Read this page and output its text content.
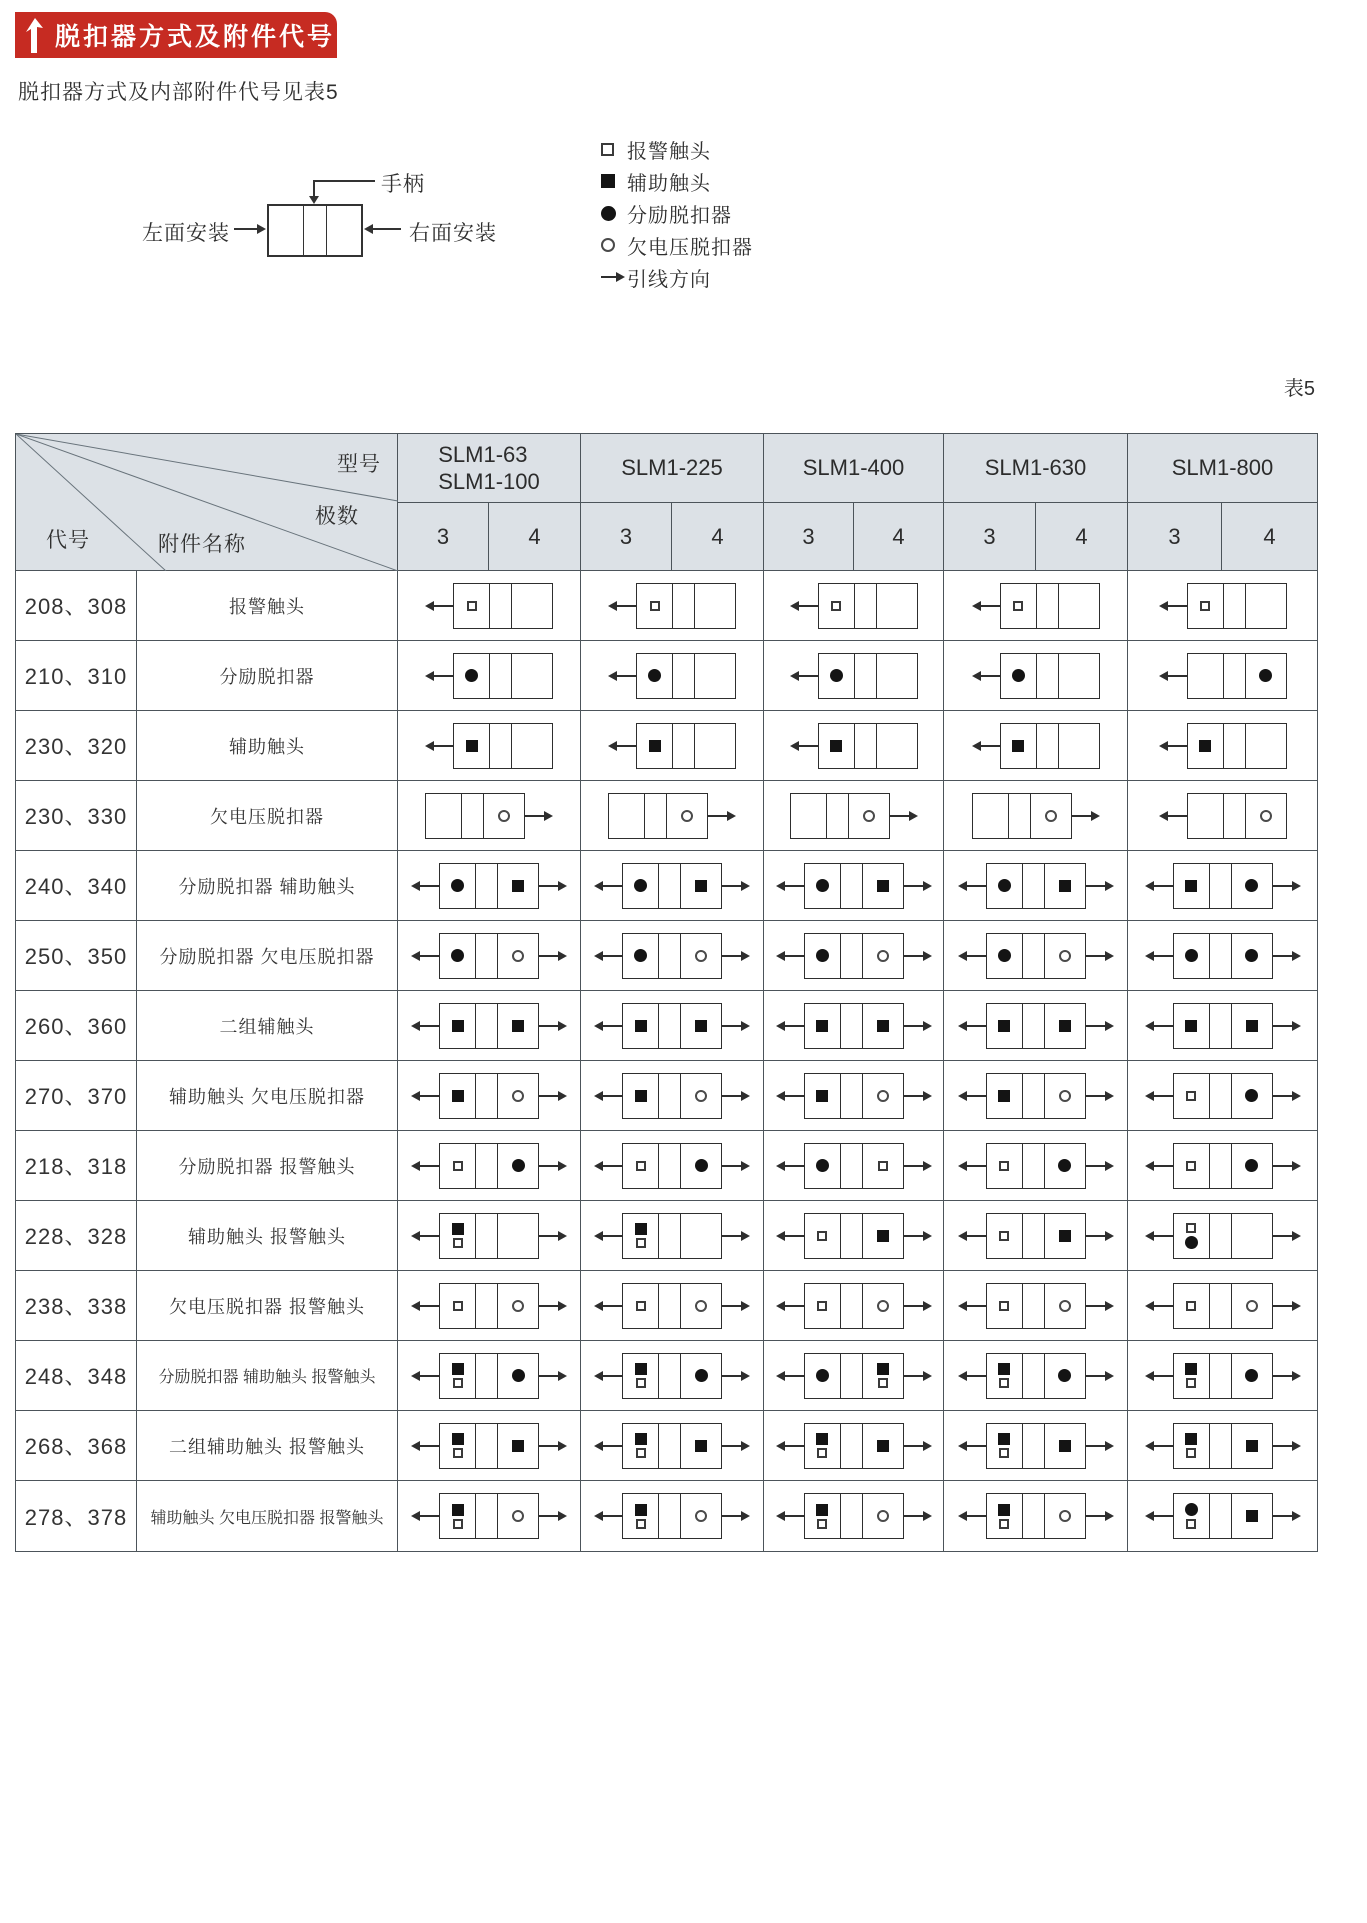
脱扣器方式及附件代号
脱扣器方式及内部附件代号见表5
手柄
左面安装	右面安装
报警触头
辅助触头
分励脱扣器
欠电压脱扣器
引线方向
表5
型号
极数
代号	附件名称
SLM1-63
SLM1-100
SLM1-225	SLM1-400	SLM1-630	SLM1-800
3	4	3	4	3	4	3	4	3	4
208、308	报警触头
210、310	分励脱扣器
230、320	辅助触头
230、330	欠电压脱扣器
240、340	分励脱扣器 辅助触头
250、350	分励脱扣器 欠电压脱扣器
260、360	二组辅触头
270、370	辅助触头 欠电压脱扣器
218、318	分励脱扣器 报警触头
228、328	辅助触头 报警触头
238、338	欠电压脱扣器 报警触头
248、348	分励脱扣器 辅助触头 报警触头
268、368	二组辅助触头 报警触头
278、378	辅助触头 欠电压脱扣器 报警触头
